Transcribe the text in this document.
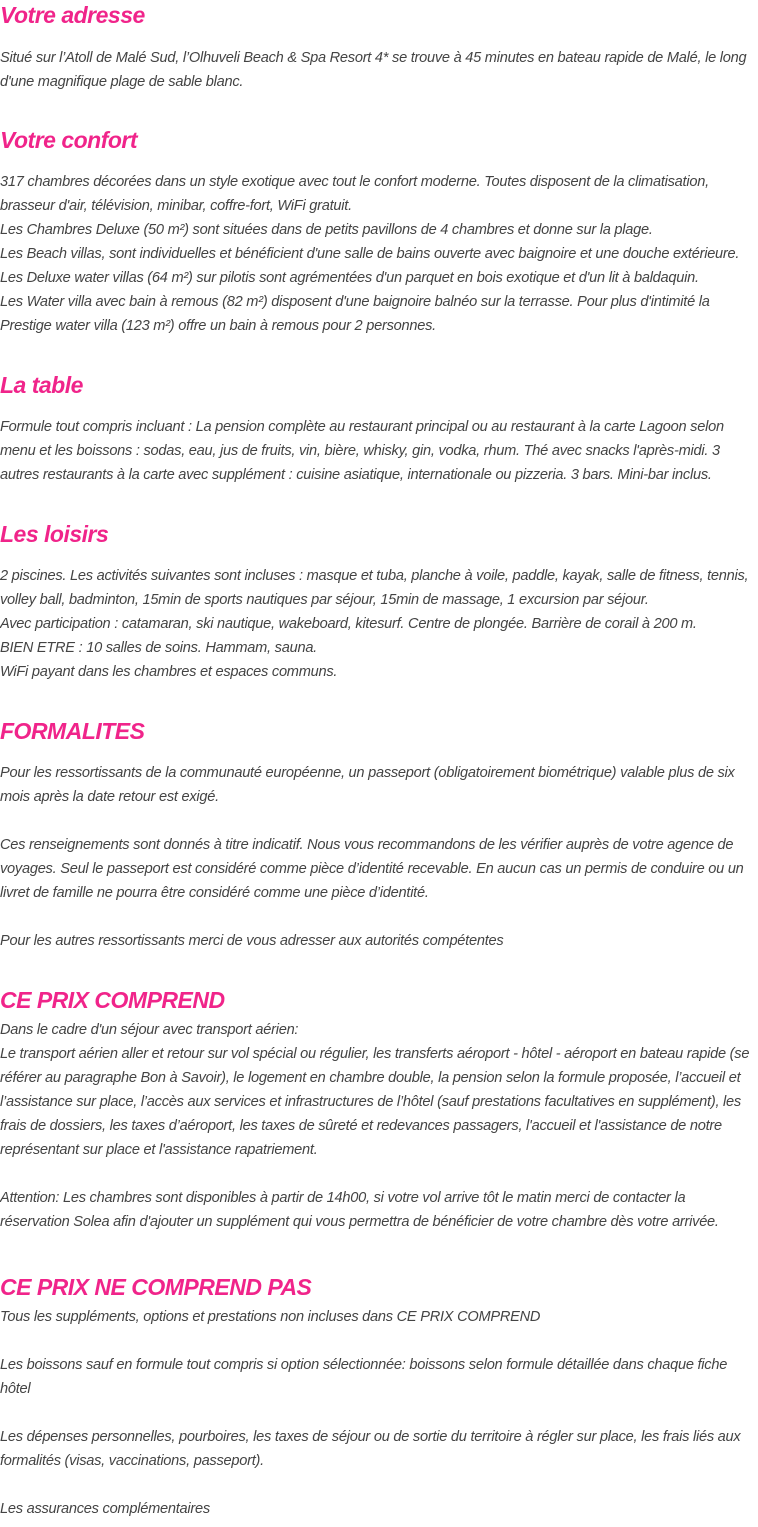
Votre adresse

Situé sur l’Atoll de Malé Sud, l’Olhuveli Beach & Spa Resort 4* se trouve à 45 minutes en bateau rapide de Malé, le long d'une magnifique plage de sable blanc.

Votre confort

317 chambres décorées dans un style exotique avec tout le confort moderne. Toutes disposent de la climatisation, brasseur d'air, télévision, minibar, coffre-fort, WiFi gratuit.

Les Chambres Deluxe (50 m²) sont situées dans de petits pavillons de 4 chambres et donne sur la plage.

Les Beach villas, sont individuelles et bénéficient d'une salle de bains ouverte avec baignoire et une douche extérieure.

Les Deluxe water villas (64 m²) sur pilotis sont agrémentées d'un parquet en bois exotique et d'un lit à baldaquin.

Les Water villa avec bain à remous (82 m²) disposent d'une baignoire balnéo sur la terrasse. Pour plus d'intimité la Prestige water villa (123 m²) offre un bain à remous pour 2 personnes.

La table

Formule tout compris incluant : La pension complète au restaurant principal ou au restaurant à la carte Lagoon selon menu et les boissons : sodas, eau, jus de fruits, vin, bière, whisky, gin, vodka, rhum. Thé avec snacks l'après-midi. 3 autres restaurants à la carte avec supplément : cuisine asiatique, internationale ou pizzeria. 3 bars. Mini-bar inclus.

Les loisirs

2 piscines. Les activités suivantes sont incluses : masque et tuba, planche à voile, paddle, kayak, salle de fitness, tennis, volley ball, badminton, 15min de sports nautiques par séjour, 15min de massage, 1 excursion par séjour.

Avec participation : catamaran, ski nautique, wakeboard, kitesurf. Centre de plongée. Barrière de corail à 200 m.

BIEN ETRE : 10 salles de soins. Hammam, sauna.

WiFi payant dans les chambres et espaces communs.

FORMALITES

Pour les ressortissants de la communauté européenne, un passeport (obligatoirement biométrique) valable plus de six mois après la date retour est exigé.

Ces renseignements sont donnés à titre indicatif. Nous vous recommandons de les vérifier auprès de votre agence de voyages. Seul le passeport est considéré comme pièce d’identité recevable. En aucun cas un permis de conduire ou un livret de famille ne pourra être considéré comme une pièce d’identité.

Pour les autres ressortissants merci de vous adresser aux autorités compétentes

CE PRIX COMPREND

Dans le cadre d'un séjour avec transport aérien:

Le transport aérien aller et retour sur vol spécial ou régulier, les transferts aéroport - hôtel - aéroport en bateau rapide (se référer au paragraphe Bon à Savoir), le logement en chambre double, la pension selon la formule proposée, l’accueil et l’assistance sur place, l’accès aux services et infrastructures de l’hôtel (sauf prestations facultatives en supplément), les frais de dossiers, les taxes d’aéroport, les taxes de sûreté et redevances passagers, l'accueil et l'assistance de notre représentant sur place et l'assistance rapatriement.

Attention: Les chambres sont disponibles à partir de 14h00, si votre vol arrive tôt le matin merci de contacter la réservation Solea afin d'ajouter un supplément qui vous permettra de bénéficier de votre chambre dès votre arrivée.

CE PRIX NE COMPREND PAS

Tous les suppléments, options et prestations non incluses dans CE PRIX COMPREND

Les boissons sauf en formule tout compris si option sélectionnée: boissons selon formule détaillée dans chaque fiche hôtel

Les dépenses personnelles, pourboires, les taxes de séjour ou de sortie du territoire à régler sur place, les frais liés aux formalités (visas, vaccinations, passeport).

Les assurances complémentaires
